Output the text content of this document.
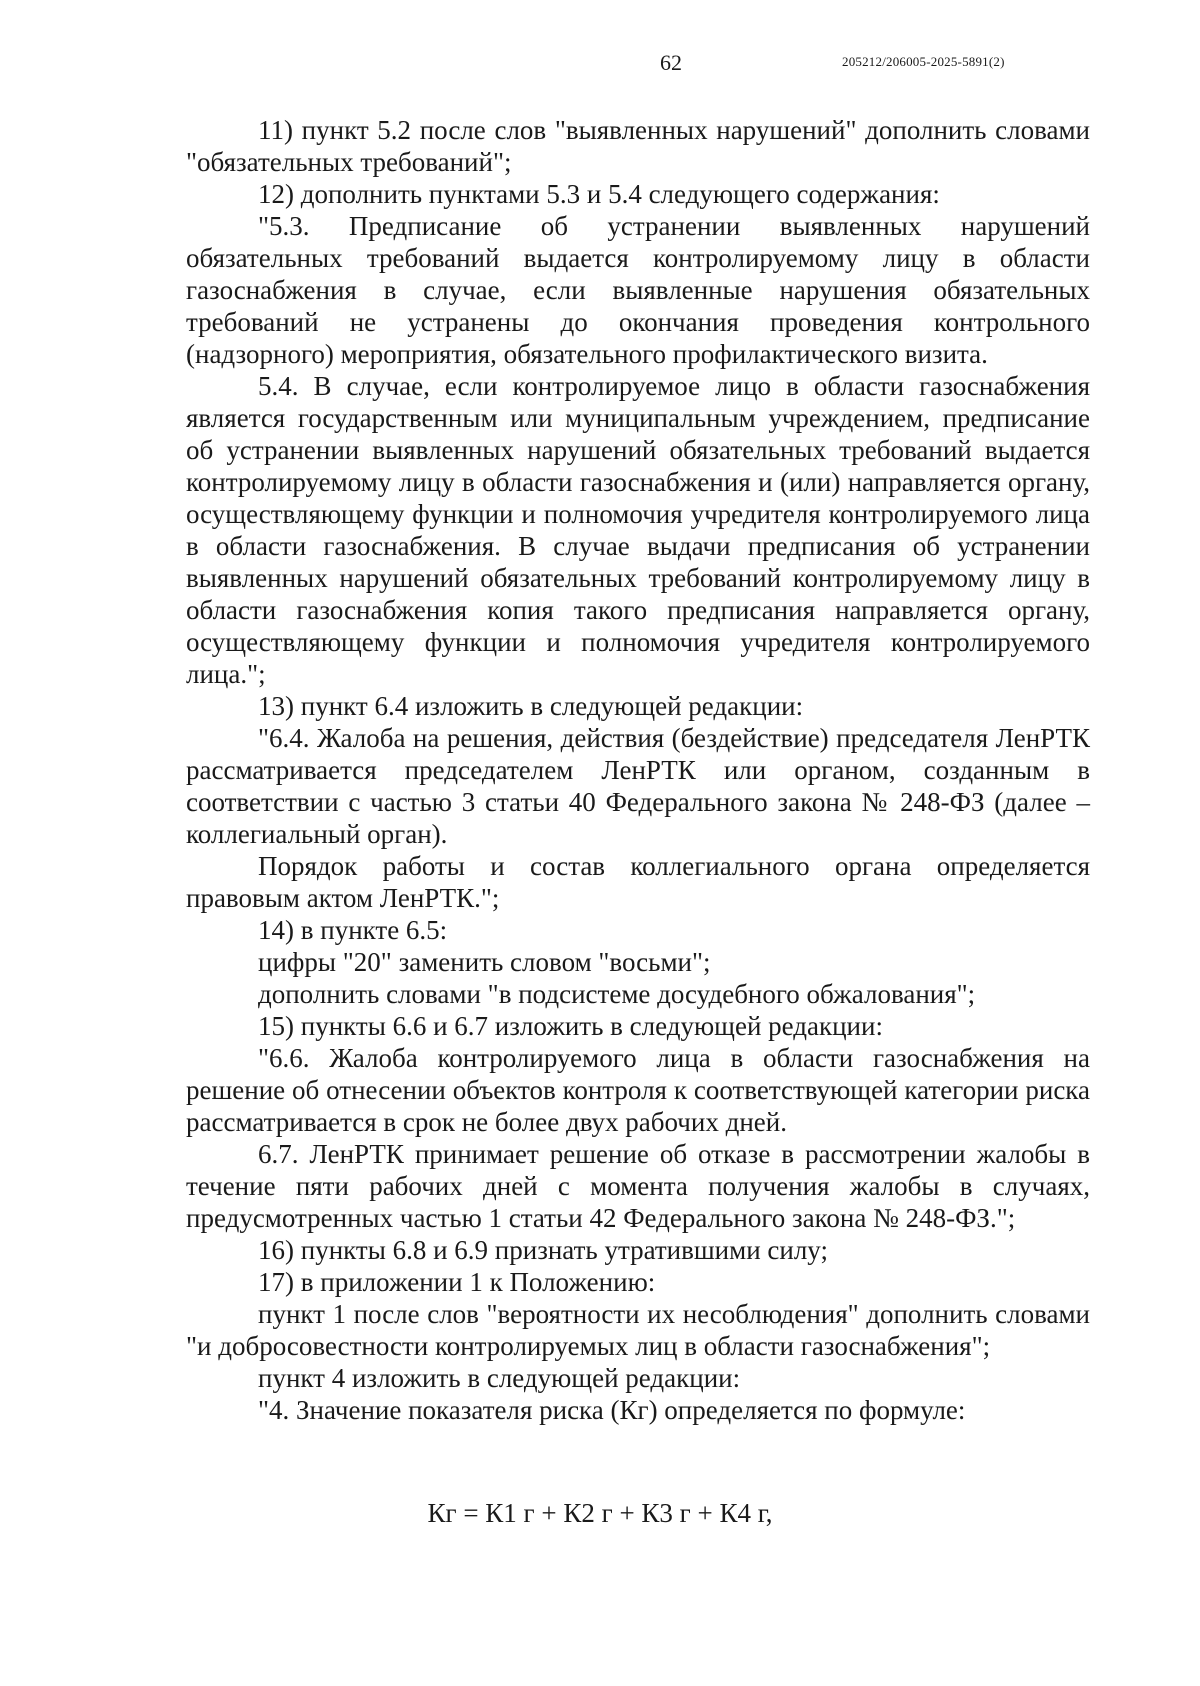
62	205212/206005-2025-5891(2)

11) пункт 5.2 после слов "выявленных нарушений" дополнить словами "обязательных требований";

12) дополнить пунктами 5.3 и 5.4 следующего содержания:

"5.3. Предписание об устранении выявленных нарушений обязательных требований выдается контролируемому лицу в области газоснабжения в случае, если выявленные нарушения обязательных требований не устранены до окончания проведения контрольного (надзорного) мероприятия, обязательного профилактического визита.

5.4. В случае, если контролируемое лицо в области газоснабжения является государственным или муниципальным учреждением, предписание об устранении выявленных нарушений обязательных требований выдается контролируемому лицу в области газоснабжения и (или) направляется органу, осуществляющему функции и полномочия учредителя контролируемого лица в области газоснабжения. В случае выдачи предписания об устранении выявленных нарушений обязательных требований контролируемому лицу в области газоснабжения копия такого предписания направляется органу, осуществляющему функции и полномочия учредителя контролируемого лица.";

13) пункт 6.4 изложить в следующей редакции:

"6.4. Жалоба на решения, действия (бездействие) председателя ЛенРТК рассматривается председателем ЛенРТК или органом, созданным в соответствии с частью 3 статьи 40 Федерального закона № 248-ФЗ (далее – коллегиальный орган).

Порядок работы и состав коллегиального органа определяется правовым актом ЛенРТК.";

14) в пункте 6.5:

цифры "20" заменить словом "восьми";

дополнить словами "в подсистеме досудебного обжалования";

15) пункты 6.6 и 6.7 изложить в следующей редакции:

"6.6. Жалоба контролируемого лица в области газоснабжения на решение об отнесении объектов контроля к соответствующей категории риска рассматривается в срок не более двух рабочих дней.

6.7. ЛенРТК принимает решение об отказе в рассмотрении жалобы в течение пяти рабочих дней с момента получения жалобы в случаях, предусмотренных частью 1 статьи 42 Федерального закона № 248-ФЗ.";

16) пункты 6.8 и 6.9 признать утратившими силу;

17) в приложении 1 к Положению:

пункт 1 после слов "вероятности их несоблюдения" дополнить словами "и добросовестности контролируемых лиц в области газоснабжения";

пункт 4 изложить в следующей редакции:

"4. Значение показателя риска (Кг) определяется по формуле:

Кг = К1 г + К2 г + К3 г + К4 г,
